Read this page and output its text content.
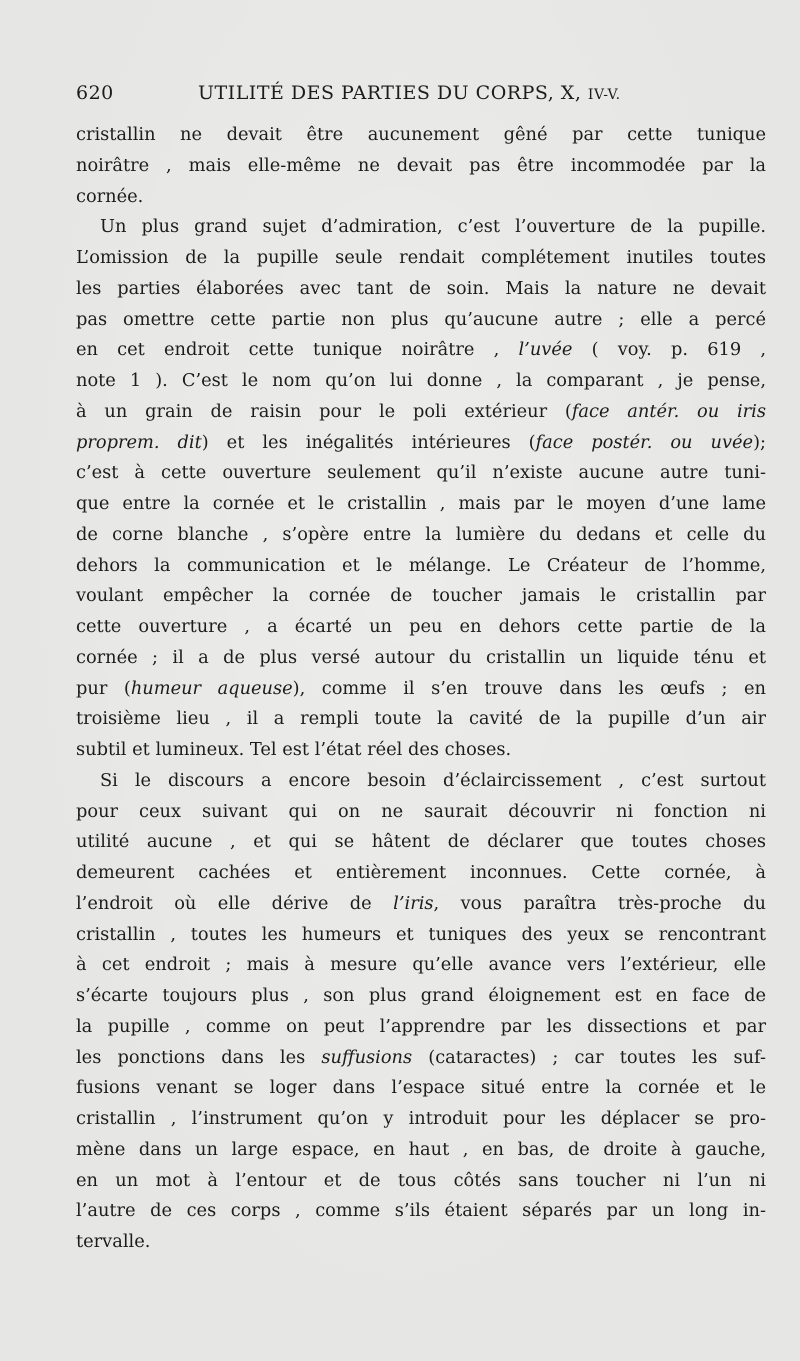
620	UTILITÉ DES PARTIES DU CORPS, X, IV-V.
cristallin ne devait être aucunement gêné par cette tunique
noirâtre , mais elle-même ne devait pas être incommodée par la
cornée.
Un plus grand sujet d’admiration, c’est l’ouverture de la pupille.
L’omission de la pupille seule rendait complétement inutiles toutes
les parties élaborées avec tant de soin. Mais la nature ne devait
pas omettre cette partie non plus qu’aucune autre ; elle a percé
en cet endroit cette tunique noirâtre , l’uvée ( voy. p. 619 ,
note 1 ). C’est le nom qu’on lui donne , la comparant , je pense,
à un grain de raisin pour le poli extérieur (face antér. ou iris
proprem. dit) et les inégalités intérieures (face postér. ou uvée);
c’est à cette ouverture seulement qu’il n’existe aucune autre tuni-
que entre la cornée et le cristallin , mais par le moyen d’une lame
de corne blanche , s’opère entre la lumière du dedans et celle du
dehors la communication et le mélange. Le Créateur de l’homme,
voulant empêcher la cornée de toucher jamais le cristallin par
cette ouverture , a écarté un peu en dehors cette partie de la
cornée ; il a de plus versé autour du cristallin un liquide ténu et
pur (humeur aqueuse), comme il s’en trouve dans les œufs ; en
troisième lieu , il a rempli toute la cavité de la pupille d’un air
subtil et lumineux. Tel est l’état réel des choses.
Si le discours a encore besoin d’éclaircissement , c’est surtout
pour ceux suivant qui on ne saurait découvrir ni fonction ni
utilité aucune , et qui se hâtent de déclarer que toutes choses
demeurent cachées et entièrement inconnues. Cette cornée, à
l’endroit où elle dérive de l’iris, vous paraîtra très-proche du
cristallin , toutes les humeurs et tuniques des yeux se rencontrant
à cet endroit ; mais à mesure qu’elle avance vers l’extérieur, elle
s’écarte toujours plus , son plus grand éloignement est en face de
la pupille , comme on peut l’apprendre par les dissections et par
les ponctions dans les suffusions (cataractes) ; car toutes les suf-
fusions venant se loger dans l’espace situé entre la cornée et le
cristallin , l’instrument qu’on y introduit pour les déplacer se pro-
mène dans un large espace, en haut , en bas, de droite à gauche,
en un mot à l’entour et de tous côtés sans toucher ni l’un ni
l’autre de ces corps , comme s’ils étaient séparés par un long in-
tervalle.
